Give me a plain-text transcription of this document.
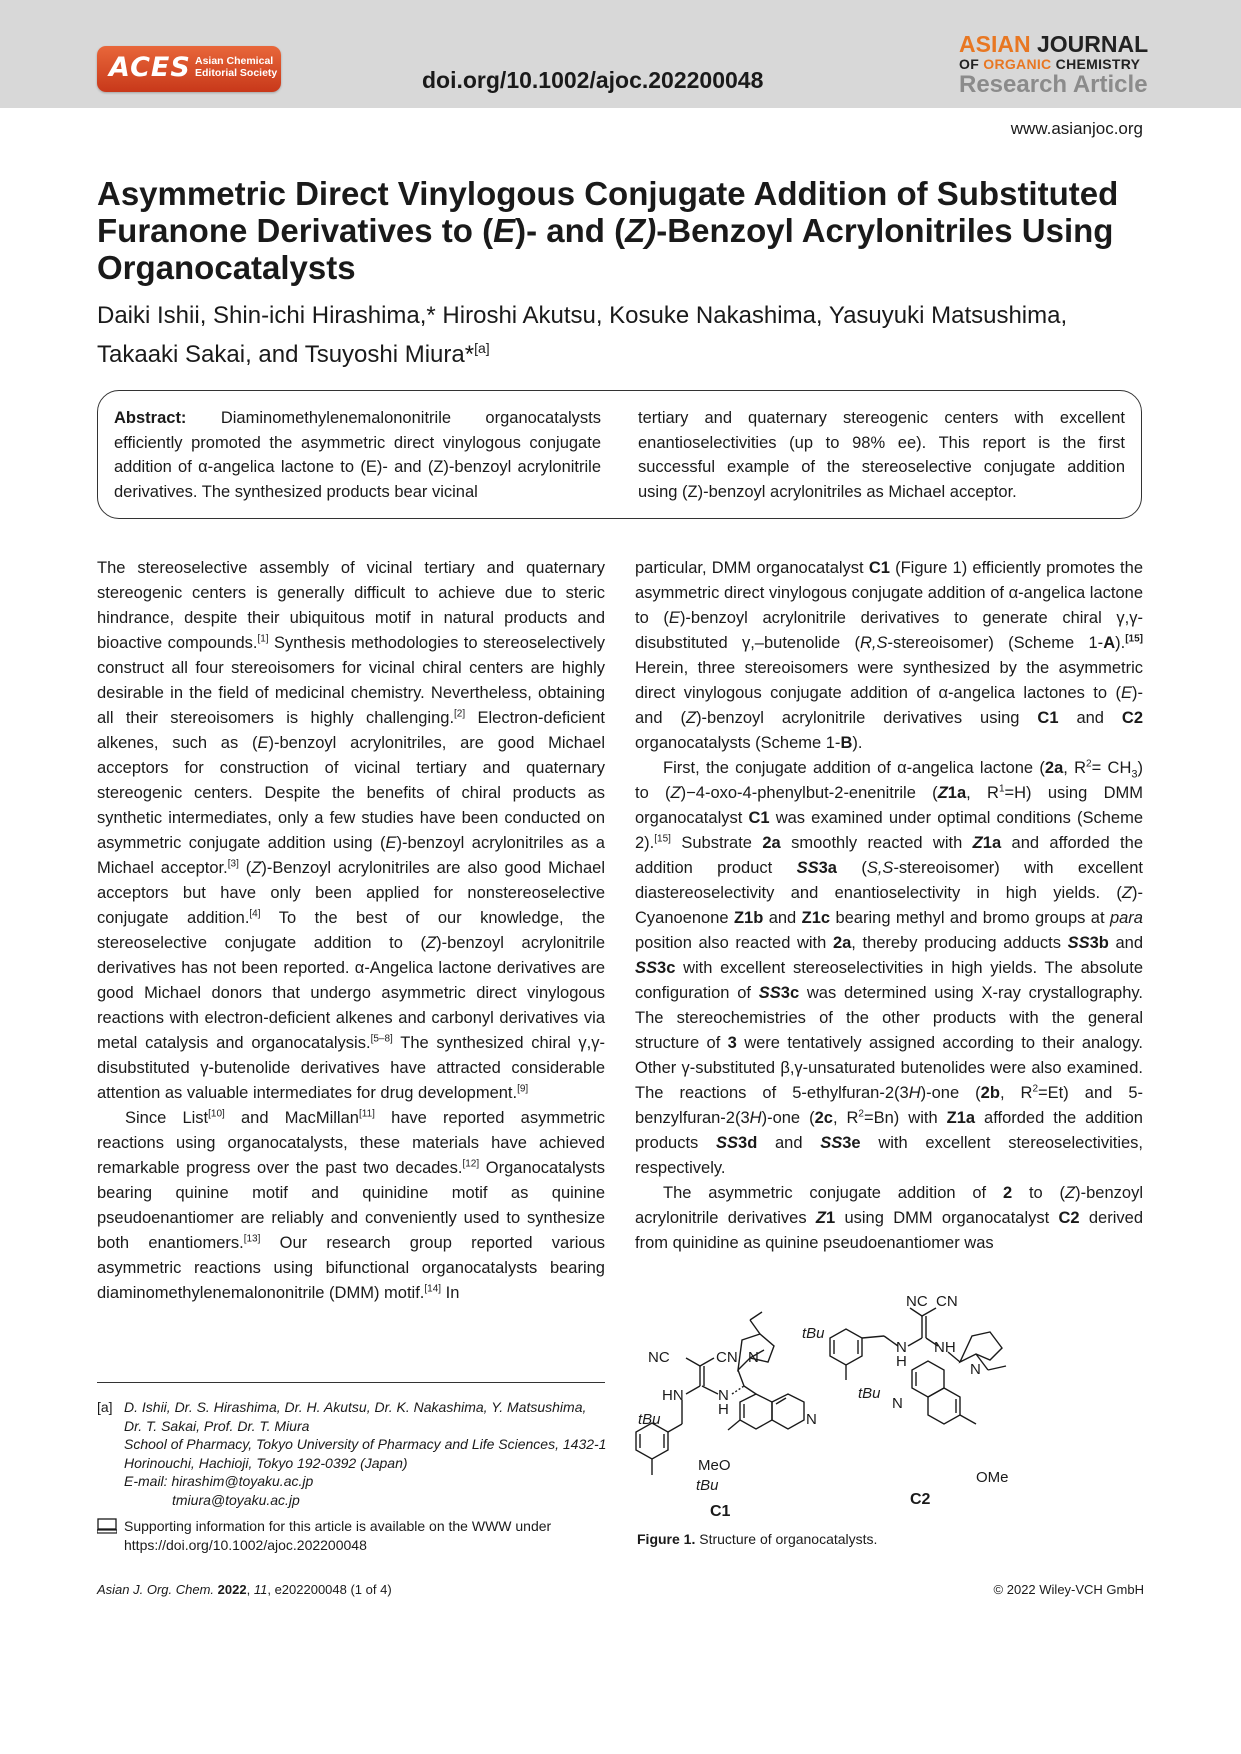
ACES Asian Chemical Editorial Society	doi.org/10.1002/ajoc.202200048
ASIAN JOURNAL
OF ORGANIC CHEMISTRY
Research Article
www.asianjoc.org
Asymmetric Direct Vinylogous Conjugate Addition of Substituted Furanone Derivatives to (E)- and (Z)-Benzoyl Acrylonitriles Using Organocatalysts
Daiki Ishii, Shin-ichi Hirashima,* Hiroshi Akutsu, Kosuke Nakashima, Yasuyuki Matsushima, Takaaki Sakai, and Tsuyoshi Miura*[a]
Abstract: Diaminomethylenemalononitrile organocatalysts efficiently promoted the asymmetric direct vinylogous conjugate addition of α-angelica lactone to (E)- and (Z)-benzoyl acrylonitrile derivatives. The synthesized products bear vicinal
tertiary and quaternary stereogenic centers with excellent enantioselectivities (up to 98% ee). This report is the first successful example of the stereoselective conjugate addition using (Z)-benzoyl acrylonitriles as Michael acceptor.

The stereoselective assembly of vicinal tertiary and quaternary stereogenic centers is generally difficult to achieve due to steric hindrance, despite their ubiquitous motif in natural products and bioactive compounds.[1] Synthesis methodologies to stereoselectively construct all four stereoisomers for vicinal chiral centers are highly desirable in the field of medicinal chemistry. Nevertheless, obtaining all their stereoisomers is highly challenging.[2] Electron-deficient alkenes, such as (E)-benzoyl acrylonitriles, are good Michael acceptors for construction of vicinal tertiary and quaternary stereogenic centers. Despite the benefits of chiral products as synthetic intermediates, only a few studies have been conducted on asymmetric conjugate addition using (E)-benzoyl acrylonitriles as a Michael acceptor.[3] (Z)-Benzoyl acrylonitriles are also good Michael acceptors but have only been applied for nonstereoselective conjugate addition.[4] To the best of our knowledge, the stereoselective conjugate addition to (Z)-benzoyl acrylonitrile derivatives has not been reported. α-Angelica lactone derivatives are good Michael donors that undergo asymmetric direct vinylogous reactions with electron-deficient alkenes and carbonyl derivatives via metal catalysis and organocatalysis.[5–8] The synthesized chiral γ,γ-disubstituted γ-butenolide derivatives have attracted considerable attention as valuable intermediates for drug development.[9]

Since List[10] and MacMillan[11] have reported asymmetric reactions using organocatalysts, these materials have achieved remarkable progress over the past two decades.[12] Organocatalysts bearing quinine motif and quinidine motif as quinine pseudoenantiomer are reliably and conveniently used to synthesize both enantiomers.[13] Our research group reported various asymmetric reactions using bifunctional organocatalysts bearing diaminomethylenemalononitrile (DMM) motif.[14] In

particular, DMM organocatalyst C1 (Figure 1) efficiently promotes the asymmetric direct vinylogous conjugate addition of α-angelica lactone to (E)-benzoyl acrylonitrile derivatives to generate chiral γ,γ-disubstituted γ,–butenolide (R,S-stereoisomer) (Scheme 1-A).[15] Herein, three stereoisomers were synthesized by the asymmetric direct vinylogous conjugate addition of α-angelica lactones to (E)- and (Z)-benzoyl acrylonitrile derivatives using C1 and C2 organocatalysts (Scheme 1-B).

First, the conjugate addition of α-angelica lactone (2a, $R^2= CH_3$) to (Z)−4-oxo-4-phenylbut-2-enenitrile (Z1a, $R^1=H$) using DMM organocatalyst C1 was examined under optimal conditions (Scheme 2).[15] Substrate 2a smoothly reacted with Z1a and afforded the addition product SS3a (S,S-stereoisomer) with excellent diastereoselectivity and enantioselectivity in high yields. (Z)-Cyanoenone Z1b and Z1c bearing methyl and bromo groups at para position also reacted with 2a, thereby producing adducts SS3b and SS3c with excellent stereoselectivities in high yields. The absolute configuration of SS3c was determined using X-ray crystallography. The stereochemistries of the other products with the general structure of 3 were tentatively assigned according to their analogy. Other γ-substituted β,γ-unsaturated butenolides were also examined. The reactions of 5-ethylfuran-2(3H)-one (2b, $R^2=Et$) and 5-benzylfuran-2(3H)-one (2c, $R^2=Bn$) with Z1a afforded the addition products SS3d and SS3e with excellent stereoselectivities, respectively.

The asymmetric conjugate addition of 2 to (Z)-benzoyl acrylonitrile derivatives Z1 using DMM organocatalyst C2 derived from quinidine as quinine pseudoenantiomer was

NC	CN
HN N
H
N
N
tBu
tBu
MeO
C1
NC CN
N
H
NH
N
N
tBu
tBu
OMe
C2
Figure 1. Structure of organocatalysts.
[a] D. Ishii, Dr. S. Hirashima, Dr. H. Akutsu, Dr. K. Nakashima, Y. Matsushima, Dr. T. Sakai, Prof. Dr. T. Miura
School of Pharmacy, Tokyo University of Pharmacy and Life Sciences, 1432-1 Horinouchi, Hachioji, Tokyo 192-0392 (Japan)
E-mail: hirashim@toyaku.ac.jp
tmiura@toyaku.ac.jp
Supporting information for this article is available on the WWW under https://doi.org/10.1002/ajoc.202200048
Asian J. Org. Chem. 2022, 11, e202200048 (1 of 4)	© 2022 Wiley-VCH GmbH
